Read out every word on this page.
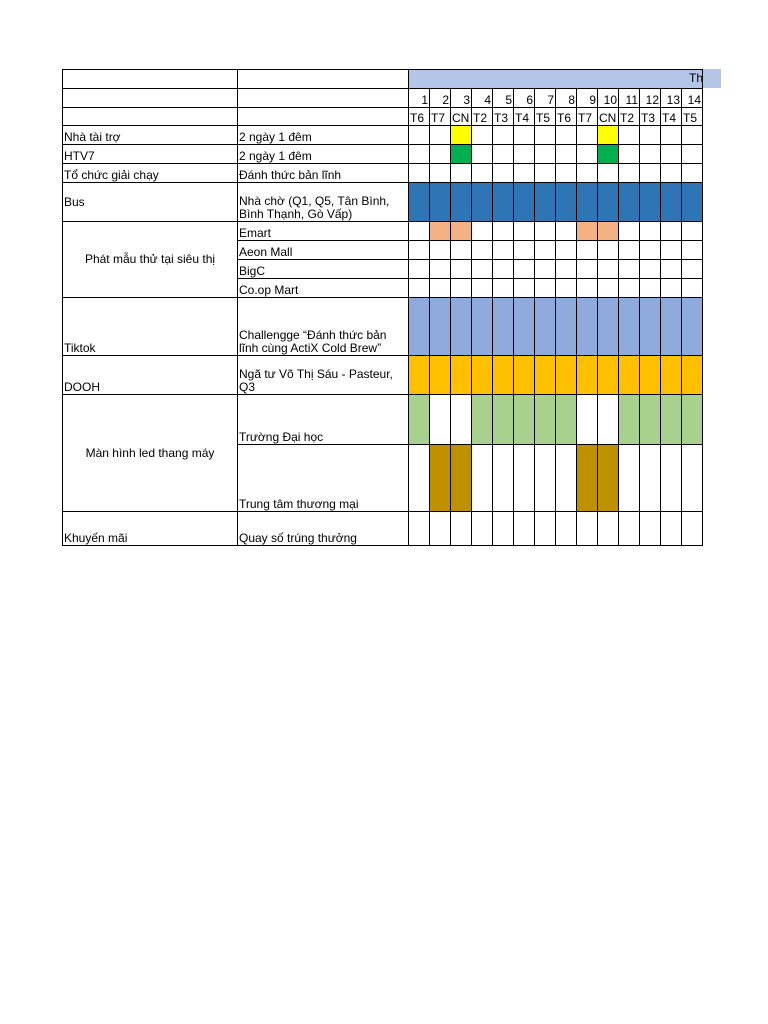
Th

		1	2	3	4	5	6	7	8	9	10	11	12	13	14
		T6	T7	CN	T2	T3	T4	T5	T6	T7	CN	T2	T3	T4	T5
Nhà tài trợ	2 ngày 1 đêm														
HTV7	2 ngày 1 đêm														
Tổ chức giải chạy	Đánh thức bản lĩnh														
Bus	Nhà chờ (Q1, Q5, Tân Bình, Bình Thạnh, Gò Vấp)														
Phát mẫu thử tại siêu thị	Emart														
	Aeon Mall														
	BigC														
	Co.op Mart														
Tiktok	Challengge “Đánh thức bản lĩnh cùng ActiX Cold Brew”														
DOOH	Ngã tư Võ Thị Sáu - Pasteur, Q3														
Màn hình led thang máy	Trường Đại học														
	Trung tâm thương mại														
Khuyến mãi	Quay số trúng thưởng														
